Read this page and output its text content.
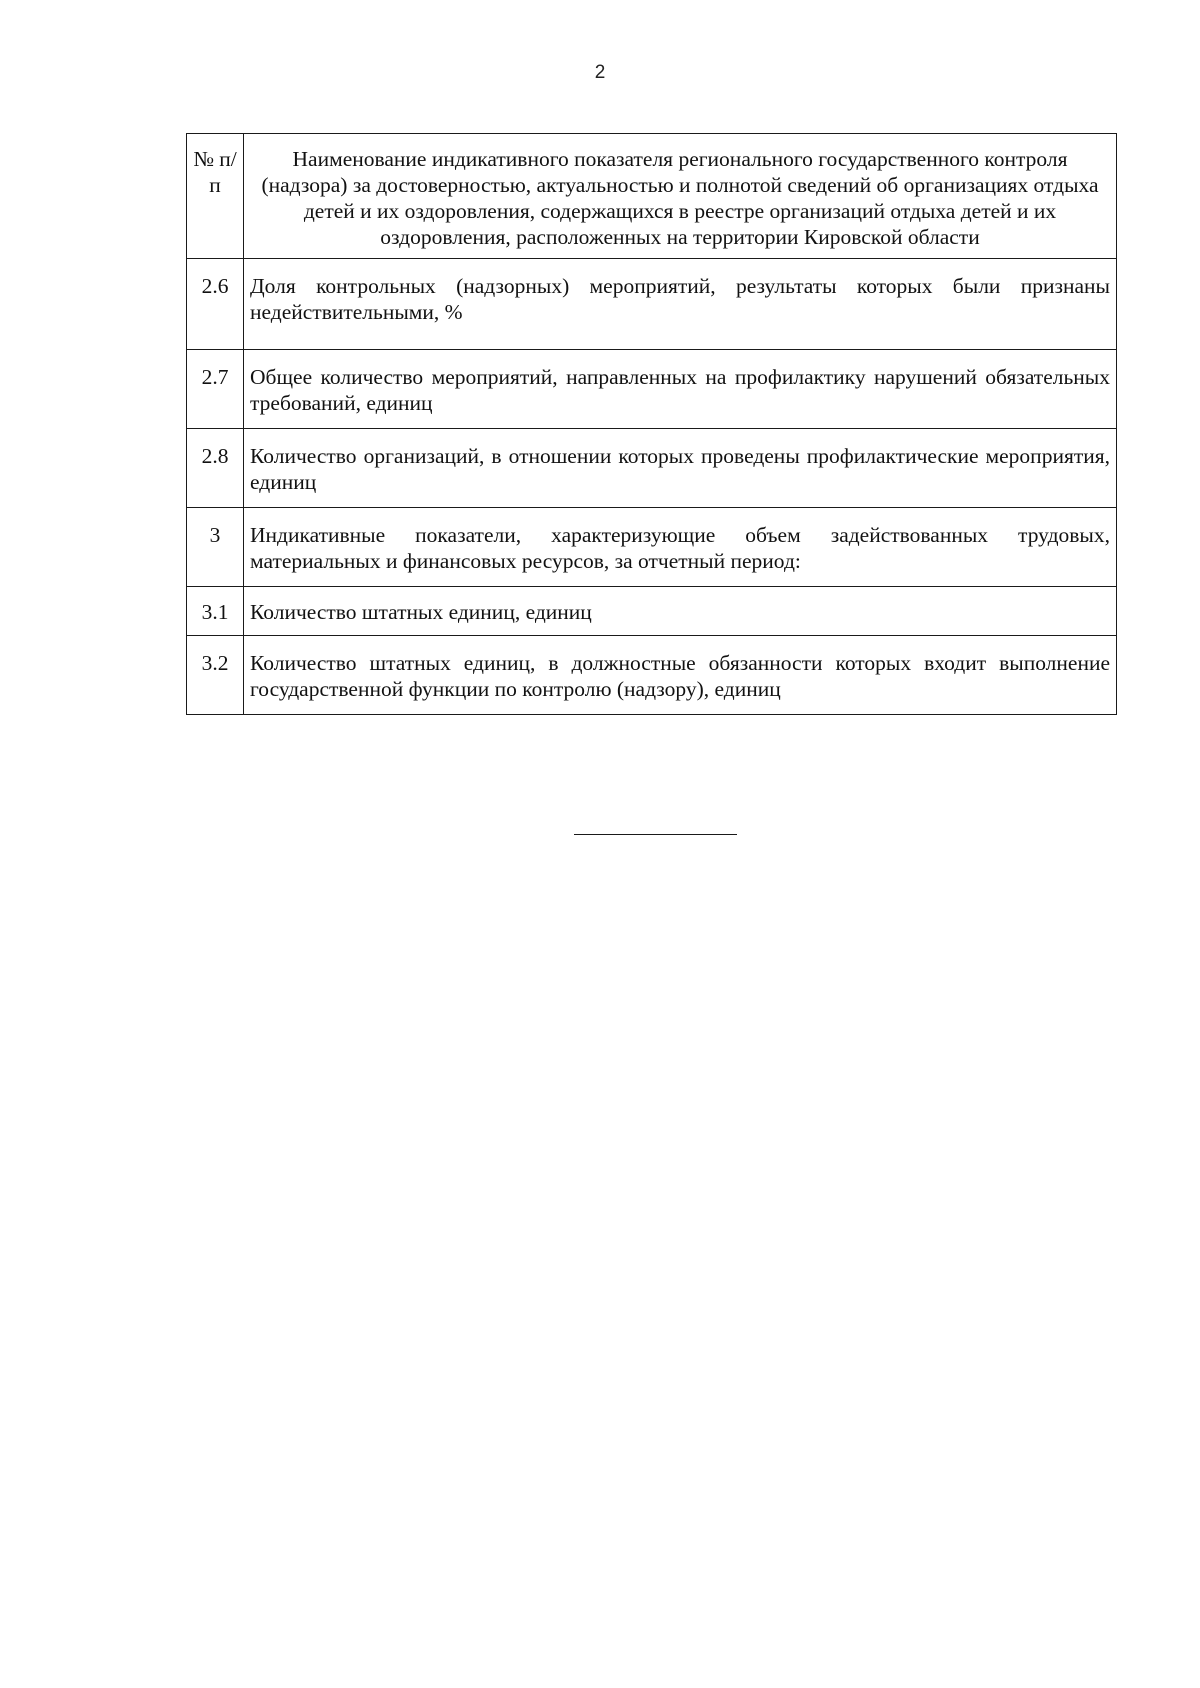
2
№ п/п	Наименование индикативного показателя регионального государственного контроля (надзора) за достоверностью, актуальностью и полнотой сведений об организациях отдыха детей и их оздоровления, содержащихся в реестре организаций отдыха детей и их оздоровления, расположенных на территории Кировской области
2.6	Доля контрольных (надзорных) мероприятий, результаты которых были признаны недействительными, %
2.7	Общее количество мероприятий, направленных на профилактику нарушений обязательных требований, единиц
2.8	Количество организаций, в отношении которых проведены профилактические мероприятия, единиц
3	Индикативные показатели, характеризующие объем задействованных трудовых, материальных и финансовых ресурсов, за отчетный период:
3.1	Количество штатных единиц, единиц
3.2	Количество штатных единиц, в должностные обязанности которых входит выполнение государственной функции по контролю (надзору), единиц
